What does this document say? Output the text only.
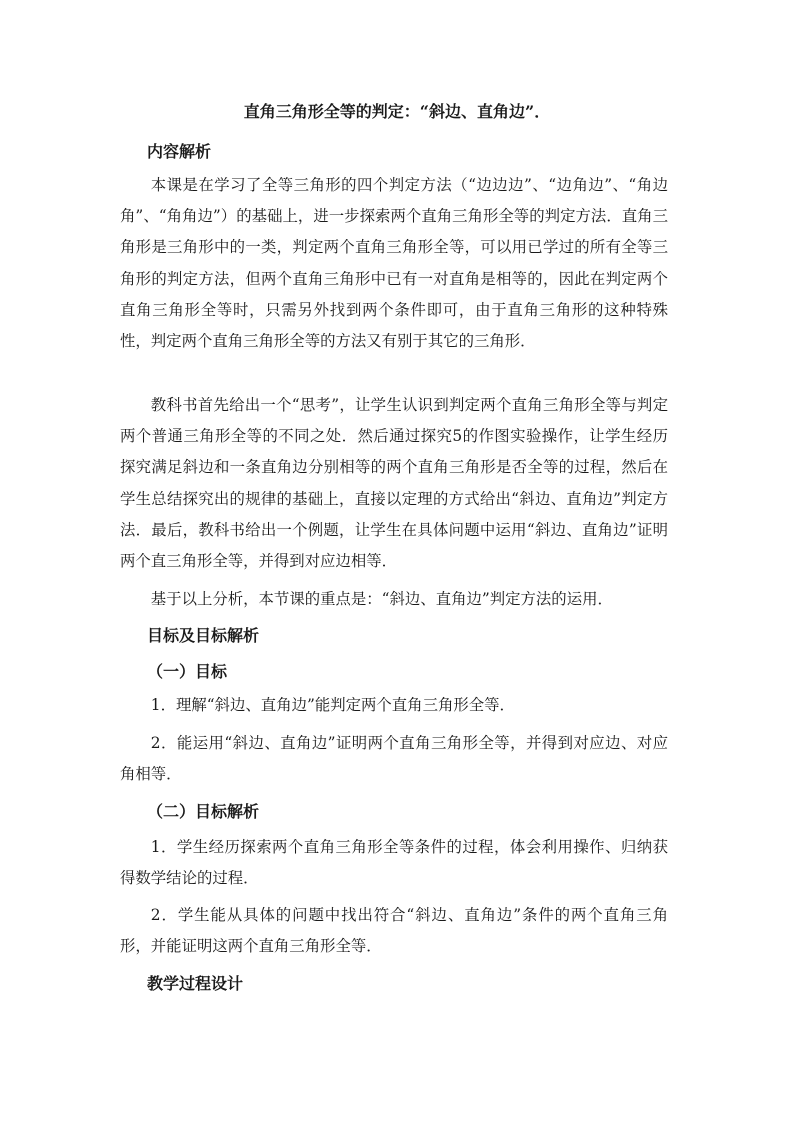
直角三角形全等的判定：“斜边、直角边”．
内容解析

本课是在学习了全等三角形的四个判定方法（“边边边”、“边角边”、“角边角”、“角角边”）的基础上，进一步探索两个直角三角形全等的判定方法．直角三角形是三角形中的一类，判定两个直角三角形全等，可以用已学过的所有全等三角形的判定方法，但两个直角三角形中已有一对直角是相等的，因此在判定两个直角三角形全等时，只需另外找到两个条件即可，由于直角三角形的这种特殊性，判定两个直角三角形全等的方法又有别于其它的三角形．

教科书首先给出一个“思考”，让学生认识到判定两个直角三角形全等与判定两个普通三角形全等的不同之处．然后通过探究5的作图实验操作，让学生经历探究满足斜边和一条直角边分别相等的两个直角三角形是否全等的过程，然后在学生总结探究出的规律的基础上，直接以定理的方式给出“斜边、直角边”判定方法．最后，教科书给出一个例题，让学生在具体问题中运用“斜边、直角边”证明两个直三角形全等，并得到对应边相等．

基于以上分析，本节课的重点是：“斜边、直角边”判定方法的运用．

目标及目标解析
（一）目标

1．理解“斜边、直角边”能判定两个直角三角形全等．

2．能运用“斜边、直角边”证明两个直角三角形全等，并得到对应边、对应角相等．

（二）目标解析

1．学生经历探索两个直角三角形全等条件的过程，体会利用操作、归纳获得数学结论的过程．

2．学生能从具体的问题中找出符合“斜边、直角边”条件的两个直角三角形，并能证明这两个直角三角形全等．

教学过程设计
